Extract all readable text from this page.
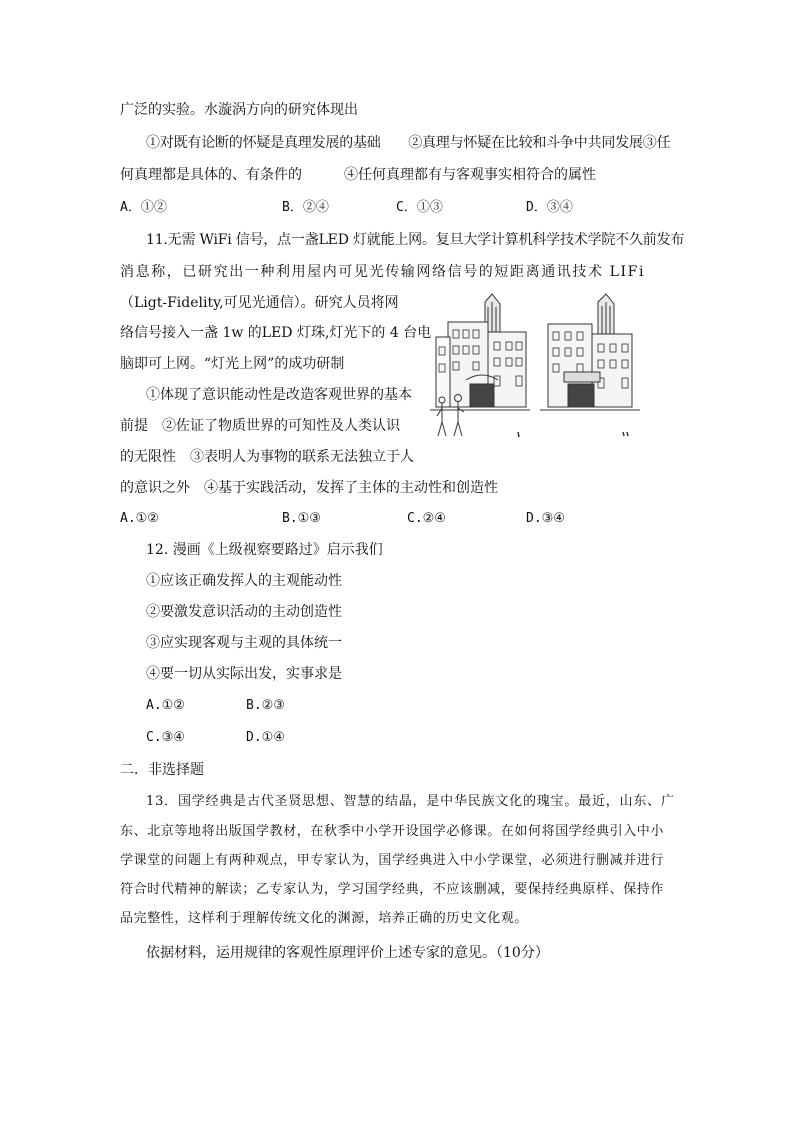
广泛的实验。水漩涡方向的研究体现出
①对既有论断的怀疑是真理发展的基础　　②真理与怀疑在比较和斗争中共同发展③任
何真理都是具体的、有条件的　　　④任何真理都有与客观事实相符合的属性
A．①②	B．②④	C．①③	D．③④
11.无需 WiFi 信号，点一盏LED 灯就能上网。复旦大学计算机科学技术学院不久前发布
消息称，已研究出一种利用屋内可见光传输网络信号的短距离通讯技术 LIFi
（Ligt-Fidelity,可见光通信）。研究人员将网
络信号接入一盏 1w 的LED 灯珠,灯光下的 4 台电
脑即可上网。“灯光上网”的成功研制
①体现了意识能动性是改造客观世界的基本
前提　②佐证了物质世界的可知性及人类认识
的无限性　③表明人为事物的联系无法独立于人
的意识之外　④基于实践活动，发挥了主体的主动性和创造性
A.①②	B.①③	C.②④	D.③④
12. 漫画《上级视察要路过》启示我们
①应该正确发挥人的主观能动性
②要激发意识活动的主动创造性
③应实现客观与主观的具体统一
④要一切从实际出发，实事求是
A.①②	B.②③
C.③④	D.①④
二．非选择题
13．国学经典是古代圣贤思想、智慧的结晶，是中华民族文化的瑰宝。最近，山东、广
东、北京等地将出版国学教材，在秋季中小学开设国学必修课。在如何将国学经典引入中小
学课堂的问题上有两种观点，甲专家认为，国学经典进入中小学课堂，必须进行删减并进行
符合时代精神的解读；乙专家认为，学习国学经典，不应该删减，要保持经典原样、保持作
品完整性，这样利于理解传统文化的渊源，培养正确的历史文化观。
依据材料，运用规律的客观性原理评价上述专家的意见。（10分）
